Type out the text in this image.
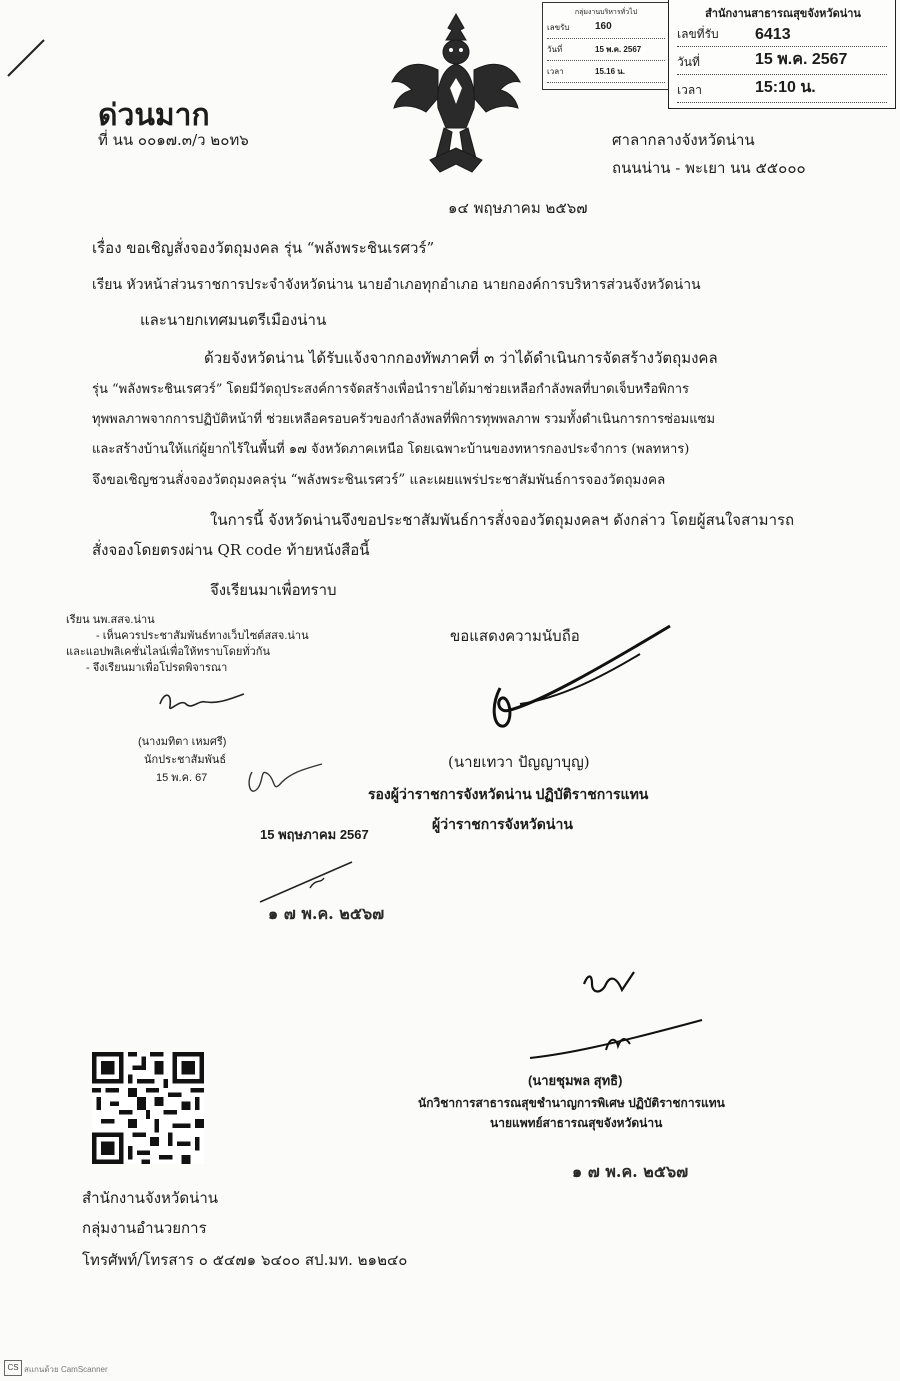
กลุ่มงานบริหารทั่วไป
เลขรับ	160
วันที่	15 พ.ค. 2567
เวลา	15.16 น.
สำนักงานสาธารณสุขจังหวัดน่าน
เลขที่รับ 6413
วันที่	15 พ.ค. 2567
เวลา	15:10 น.
ด่วนมาก
ที่ นน ๐๐๑๗.๓/ว ๒๐ท๖	ศาลากลางจังหวัดน่าน
ถนนน่าน - พะเยา นน ๕๕๐๐๐
๑๔ พฤษภาคม ๒๕๖๗
เรื่อง ขอเชิญสั่งจองวัตถุมงคล รุ่น “พลังพระชินเรศวร์”
เรียน หัวหน้าส่วนราชการประจำจังหวัดน่าน นายอำเภอทุกอำเภอ นายกองค์การบริหารส่วนจังหวัดน่าน
และนายกเทศมนตรีเมืองน่าน
ด้วยจังหวัดน่าน ได้รับแจ้งจากกองทัพภาคที่ ๓ ว่าได้ดำเนินการจัดสร้างวัตถุมงคล
รุ่น “พลังพระชินเรศวร์” โดยมีวัตถุประสงค์การจัดสร้างเพื่อนำรายได้มาช่วยเหลือกำลังพลที่บาดเจ็บหรือพิการ
ทุพพลภาพจากการปฏิบัติหน้าที่ ช่วยเหลือครอบครัวของกำลังพลที่พิการทุพพลภาพ รวมทั้งดำเนินการการซ่อมแซม
และสร้างบ้านให้แก่ผู้ยากไร้ในพื้นที่ ๑๗ จังหวัดภาคเหนือ โดยเฉพาะบ้านของทหารกองประจำการ (พลทหาร)
จึงขอเชิญชวนสั่งจองวัตถุมงคลรุ่น “พลังพระชินเรศวร์” และเผยแพร่ประชาสัมพันธ์การจองวัตถุมงคล
ในการนี้ จังหวัดน่านจึงขอประชาสัมพันธ์การสั่งจองวัตถุมงคลฯ ดังกล่าว โดยผู้สนใจสามารถ
สั่งจองโดยตรงผ่าน QR code ท้ายหนังสือนี้
จึงเรียนมาเพื่อทราบ
เรียน นพ.สสจ.น่าน
- เห็นควรประชาสัมพันธ์ทางเว็บไซต์สสจ.น่าน
และแอปพลิเคชั่นไลน์เพื่อให้ทราบโดยทั่วกัน
- จึงเรียนมาเพื่อโปรดพิจารณา
(นางมทิตา เหมศรี)
นักประชาสัมพันธ์
15 พ.ค. 67
15 พฤษภาคม 2567
๑ ๗ พ.ค. ๒๕๖๗
ขอแสดงความนับถือ
(นายเทวา ปัญญาบุญ)
รองผู้ว่าราชการจังหวัดน่าน ปฏิบัติราชการแทน
ผู้ว่าราชการจังหวัดน่าน
(นายชุมพล สุทธิ)
นักวิชาการสาธารณสุขชำนาญการพิเศษ ปฏิบัติราชการแทน
นายแพทย์สาธารณสุขจังหวัดน่าน
๑ ๗ พ.ค. ๒๕๖๗
สำนักงานจังหวัดน่าน
กลุ่มงานอำนวยการ
โทรศัพท์/โทรสาร ๐ ๕๔๗๑ ๖๔๐๐ สป.มท. ๒๑๒๔๐
CS สแกนด้วย CamScanner
